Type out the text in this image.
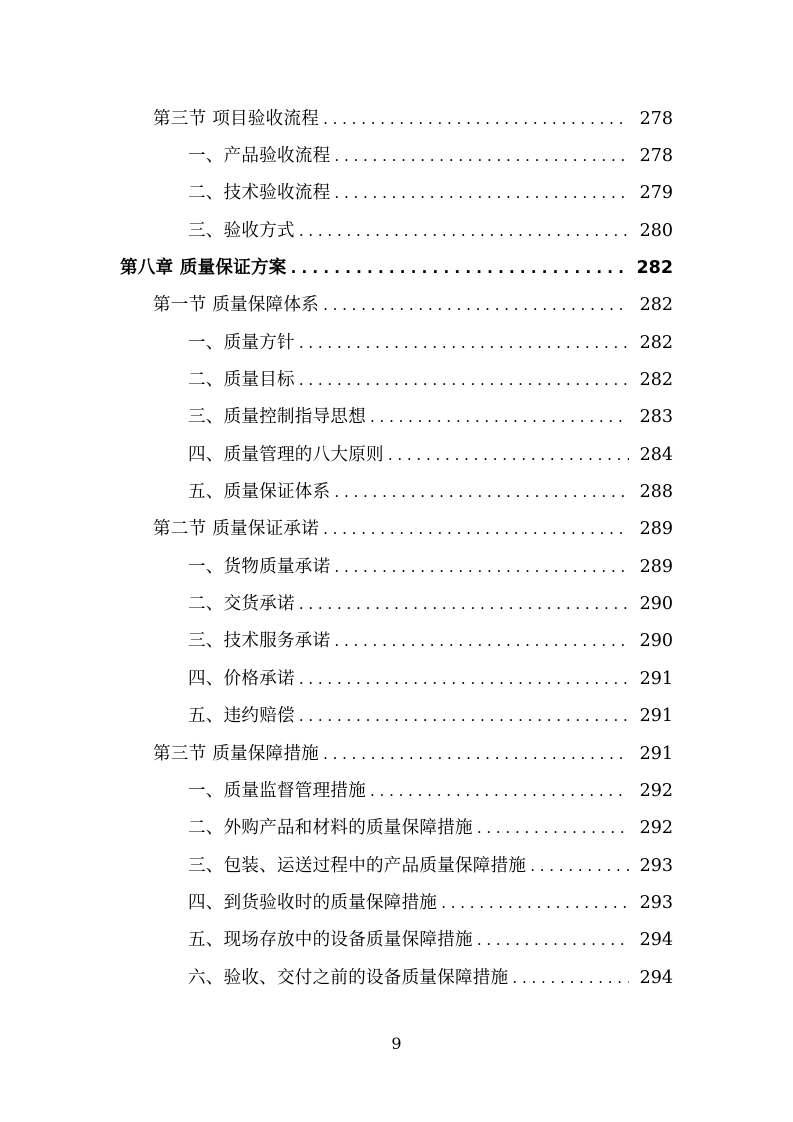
第三节 项目验收流程 . . .	278
一、产品验收流程 . . .	278
二、技术验收流程 . . .	279
三、验收方式 . . .	280
第八章 质量保证方案 . . .	282
第一节 质量保障体系 . . .	282
一、质量方针 . . .	282
二、质量目标 . . .	282
三、质量控制指导思想 . . .	283
四、质量管理的八大原则 . . .	284
五、质量保证体系 . . .	288
第二节 质量保证承诺 . . .	289
一、货物质量承诺 . . .	289
二、交货承诺 . . .	290
三、技术服务承诺 . . .	290
四、价格承诺 . . .	291
五、违约赔偿 . . .	291
第三节 质量保障措施 . . .	291
一、质量监督管理措施 . . .	292
二、外购产品和材料的质量保障措施 . . .	292
三、包装、运送过程中的产品质量保障措施 . . .	293
四、到货验收时的质量保障措施 . . .	293
五、现场存放中的设备质量保障措施 . . .	294
六、验收、交付之前的设备质量保障措施 . . .	294
9
